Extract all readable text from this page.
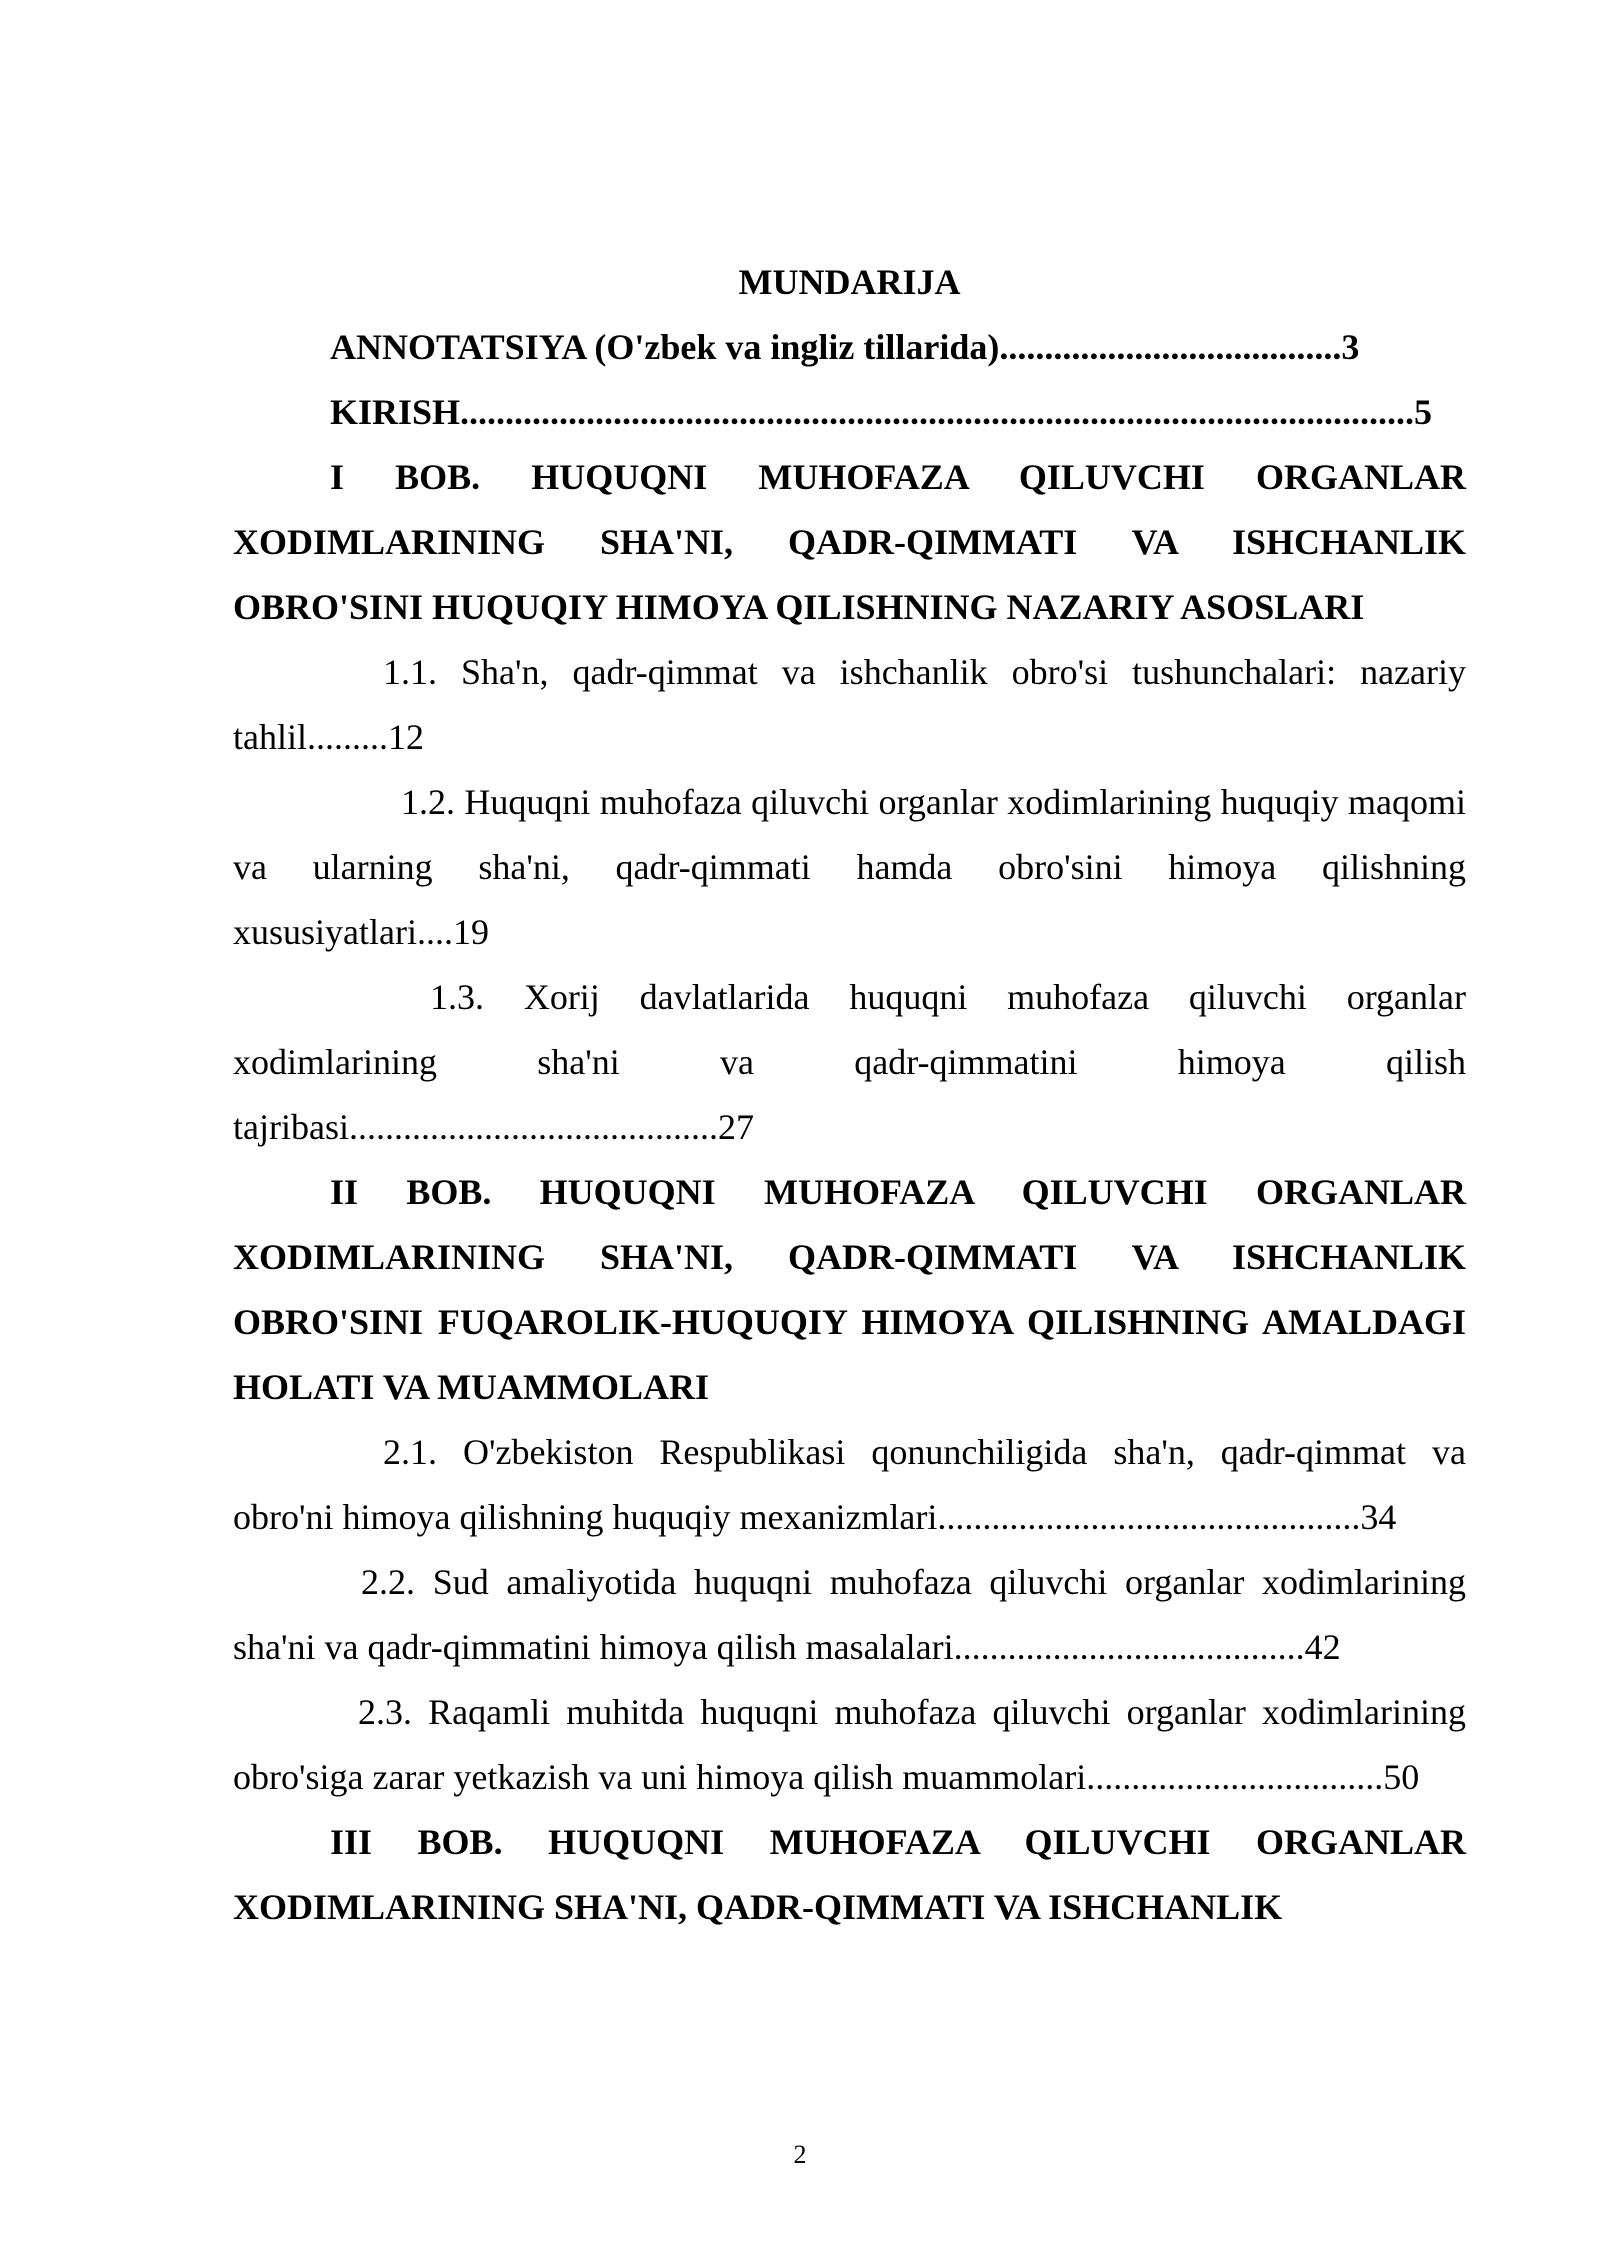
MUNDARIJA

ANNOTATSIYA (O'zbek va ingliz tillarida)......................................3

KIRISH..........................................................................................................5

I BOB. HUQUQNI MUHOFAZA QILUVCHI ORGANLAR XODIMLARINING SHA'NI, QADR-QIMMATI VA ISHCHANLIK OBRO'SINI HUQUQIY HIMOYA QILISHNING NAZARIY ASOSLARI

1.1. Sha'n, qadr-qimmat va ishchanlik obro'si tushunchalari: nazariy tahlil.........12

1.2. Huquqni muhofaza qiluvchi organlar xodimlarining huquqiy maqomi va ularning sha'ni, qadr-qimmati hamda obro'sini himoya qilishning xususiyatlari....19

1.3. Xorij davlatlarida huquqni muhofaza qiluvchi organlar xodimlarining sha'ni va qadr-qimmatini himoya qilish tajribasi.........................................27

II BOB. HUQUQNI MUHOFAZA QILUVCHI ORGANLAR XODIMLARINING SHA'NI, QADR-QIMMATI VA ISHCHANLIK OBRO'SINI FUQAROLIK-HUQUQIY HIMOYA QILISHNING AMALDAGI HOLATI VA MUAMMOLARI

2.1. O'zbekiston Respublikasi qonunchiligida sha'n, qadr-qimmat va obro'ni himoya qilishning huquqiy mexanizmlari...............................................34

2.2. Sud amaliyotida huquqni muhofaza qiluvchi organlar xodimlarining sha'ni va qadr-qimmatini himoya qilish masalalari.......................................42

2.3. Raqamli muhitda huquqni muhofaza qiluvchi organlar xodimlarining obro'siga zarar yetkazish va uni himoya qilish muammolari.................................50

III BOB. HUQUQNI MUHOFAZA QILUVCHI ORGANLAR XODIMLARINING SHA'NI, QADR-QIMMATI VA ISHCHANLIK

2
